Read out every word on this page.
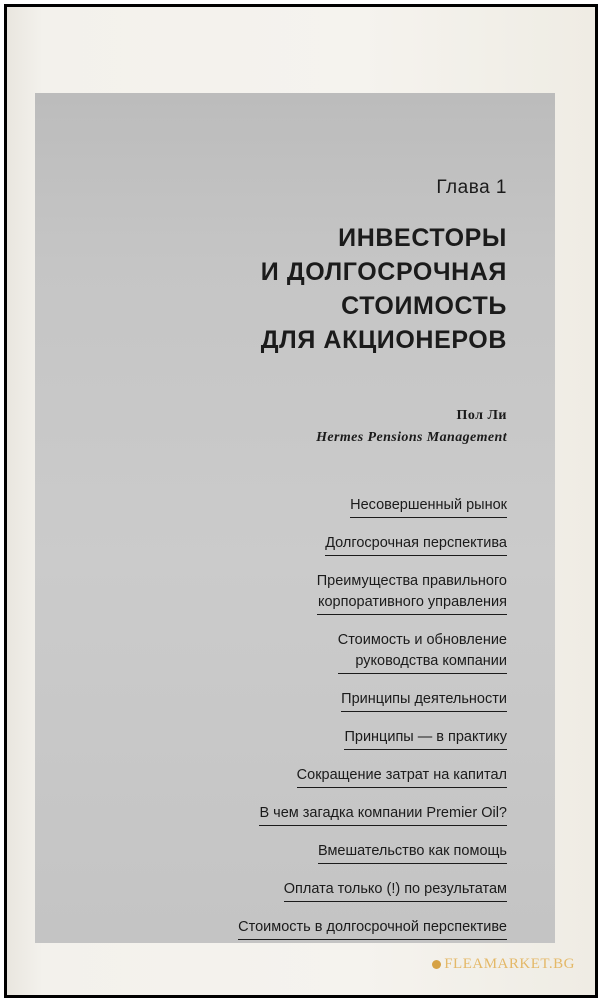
Глава 1
ИНВЕСТОРЫ
И ДОЛГОСРОЧНАЯ
СТОИМОСТЬ
ДЛЯ АКЦИОНЕРОВ
Пол Ли
Hermes Pensions Management
Несовершенный рынок
Долгосрочная перспектива
Преимущества правильного
корпоративного управления
Стоимость и обновление
руководства компании
Принципы деятельности
Принципы — в практику
Сокращение затрат на капитал
В чем загадка компании Premier Oil?
Вмешательство как помощь
Оплата только (!) по результатам
Стоимость в долгосрочной перспективе
FLEAMARKET.BG
